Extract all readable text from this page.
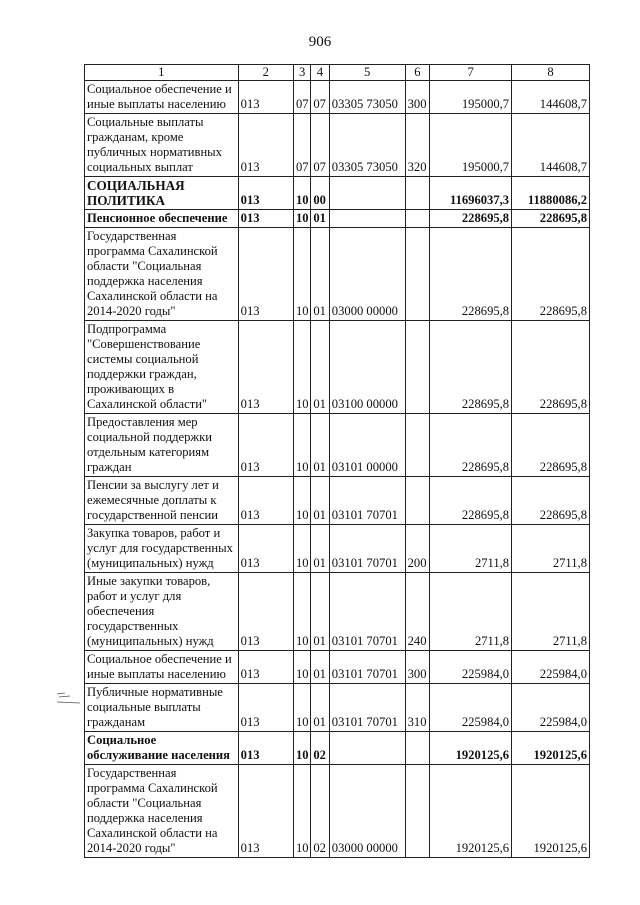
906
1	2	3	4	5	6	7	8
Социальное обеспечение и иные выплаты населению	013	07	07	03305 73050	300	195000,7	144608,7
Социальные выплаты гражданам, кроме публичных нормативных социальных выплат	013	07	07	03305 73050	320	195000,7	144608,7
СОЦИАЛЬНАЯ ПОЛИТИКА	013	10	00			11696037,3	11880086,2
Пенсионное обеспечение	013	10	01			228695,8	228695,8
Государственная программа Сахалинской области "Социальная поддержка населения Сахалинской области на 2014-2020 годы"	013	10	01	03000 00000		228695,8	228695,8
Подпрограмма "Совершенствование системы социальной поддержки граждан, проживающих в Сахалинской области"	013	10	01	03100 00000		228695,8	228695,8
Предоставления мер социальной поддержки отдельным категориям граждан	013	10	01	03101 00000		228695,8	228695,8
Пенсии за выслугу лет и ежемесячные доплаты к государственной пенсии	013	10	01	03101 70701		228695,8	228695,8
Закупка товаров, работ и услуг для государственных (муниципальных) нужд	013	10	01	03101 70701	200	2711,8	2711,8
Иные закупки товаров, работ и услуг для обеспечения государственных (муниципальных) нужд	013	10	01	03101 70701	240	2711,8	2711,8
Социальное обеспечение и иные выплаты населению	013	10	01	03101 70701	300	225984,0	225984,0
Публичные нормативные социальные выплаты гражданам	013	10	01	03101 70701	310	225984,0	225984,0
Социальное обслуживание населения	013	10	02			1920125,6	1920125,6
Государственная программа Сахалинской области "Социальная поддержка населения Сахалинской области на 2014-2020 годы"	013	10	02	03000 00000		1920125,6	1920125,6
